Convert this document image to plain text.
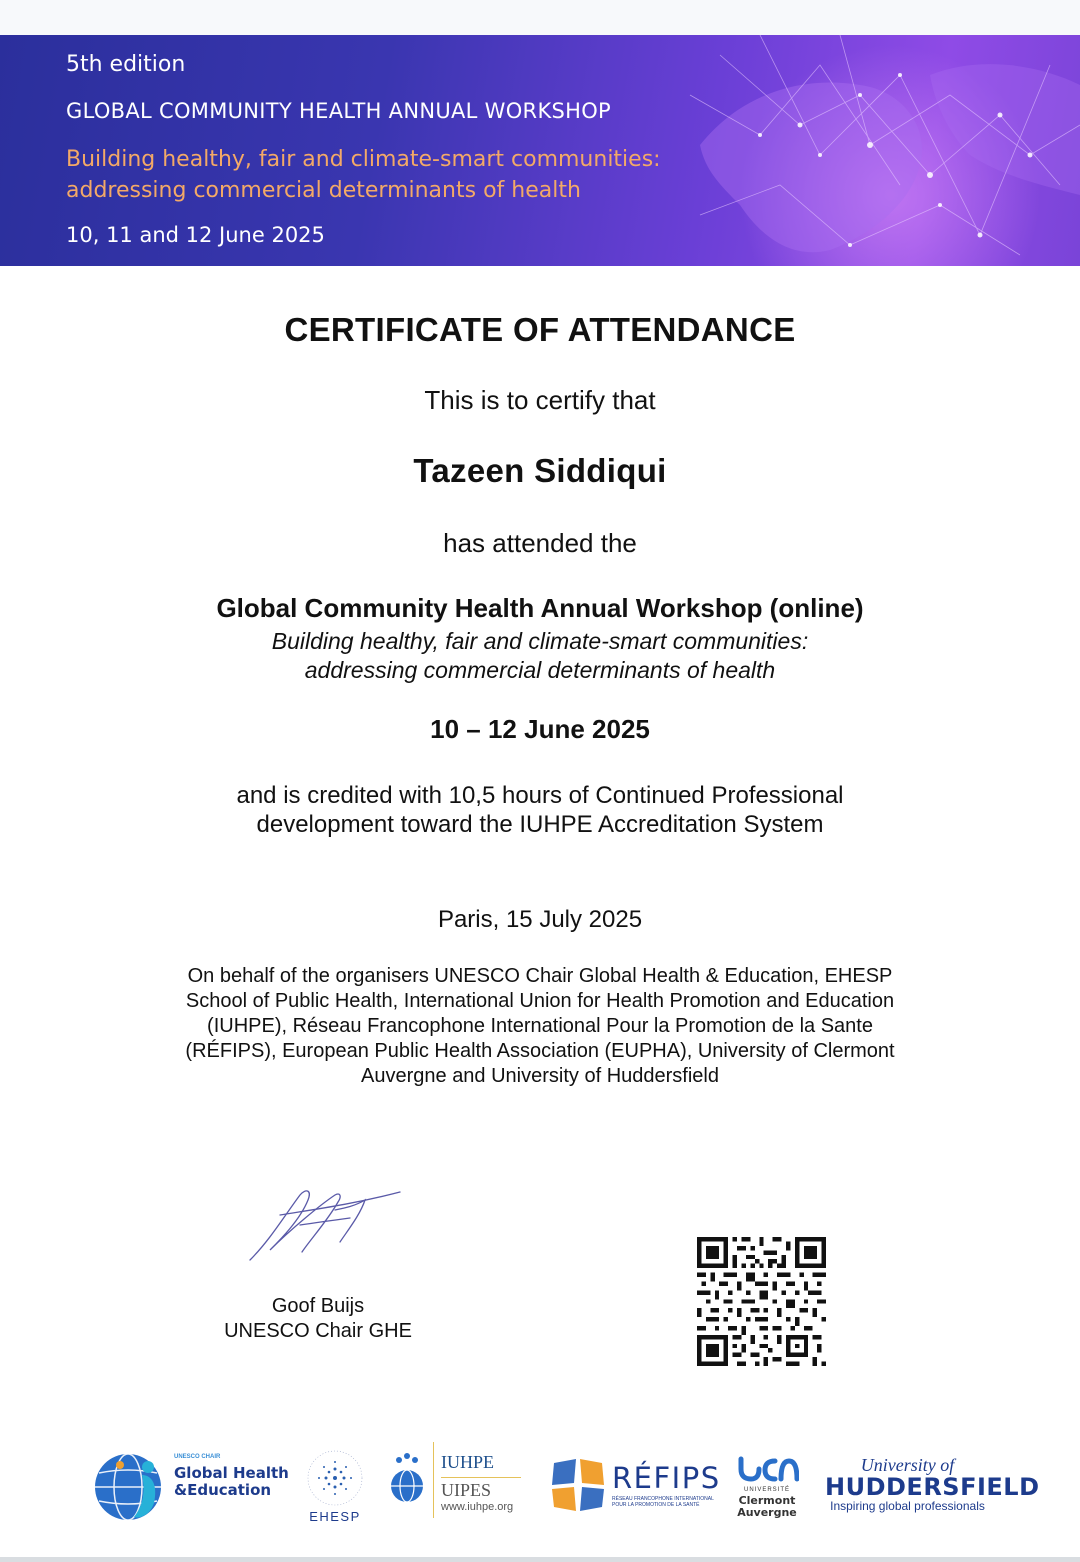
5th edition
GLOBAL COMMUNITY HEALTH ANNUAL WORKSHOP
Building healthy, fair and climate-smart communities:
addressing commercial determinants of health
10, 11 and 12 June 2025
CERTIFICATE OF ATTENDANCE
This is to certify that
Tazeen Siddiqui
has attended the
Global Community Health Annual Workshop (online)
Building healthy, fair and climate-smart communities:
addressing commercial determinants of health
10 – 12 June 2025
and is credited with 10,5 hours of Continued Professional
development toward the IUHPE Accreditation System
Paris, 15 July 2025
On behalf of the organisers UNESCO Chair Global Health & Education, EHESP
School of Public Health, International Union for Health Promotion and Education
(IUHPE), Réseau Francophone International Pour la Promotion de la Sante
(RÉFIPS), European Public Health Association (EUPHA), University of Clermont
Auvergne and University of Huddersfield
Goof Buijs
UNESCO Chair GHE
UNESCO CHAIR
Global Health
&Education
EHESP
IUHPE
UIPES
www.iuhpe.org
RÉFIPS
RÉSEAU FRANCOPHONE INTERNATIONAL POUR LA PROMOTION DE LA SANTÉ
UNIVERSITÉ
Clermont
Auvergne
University of
HUDDERSFIELD
Inspiring global professionals
